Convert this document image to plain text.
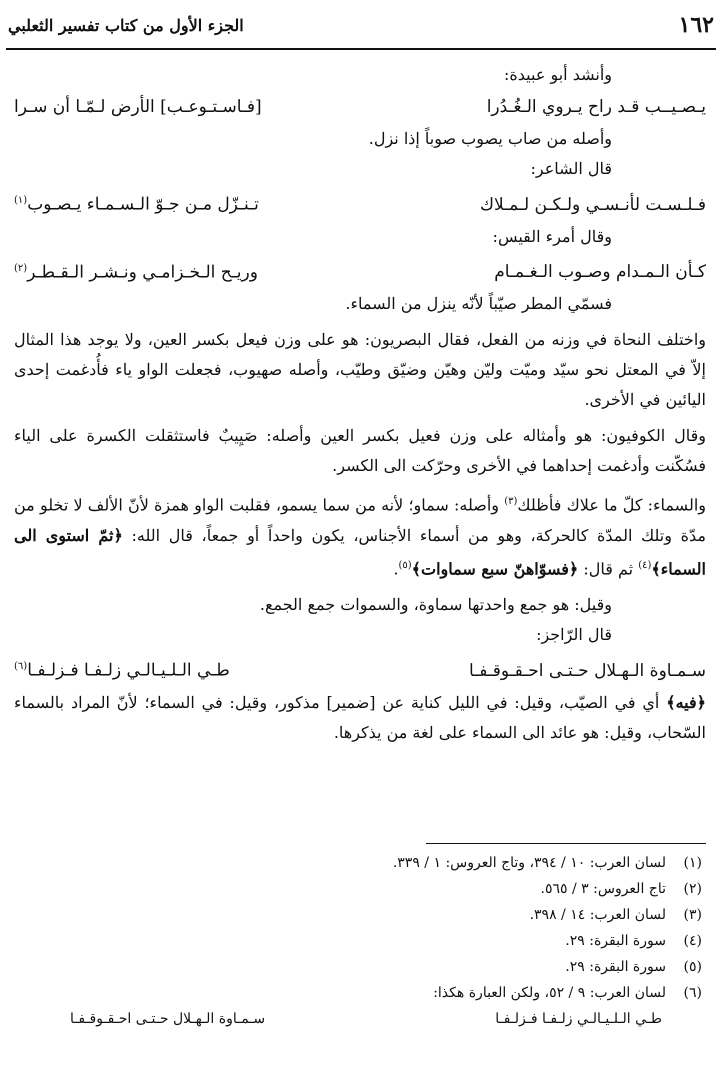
١٦٢
الجزء الأول من كتاب تفسير الثعلبي

وأنشد أبو عبيدة:

يـصـيــب قـد راح يـروي الـغُـدُرا
[فـاسـتـوعـب] الأرض لـمّـا أن سـرا

وأصله من صاب يصوب صوباً إذا نزل.

قال الشاعر:

فـلـسـت لأنـسـي ولـكـن لـمـلاك
تـنـزّل مـن جـوّ الـسـمـاء يـصـوب$^{(١)}$

وقال أمرء القيس:

كـأن الـمـدام وصـوب الـغـمـام
وريـح الـخـزامـي ونـشـر الـقـطـر$^{(٢)}$

فسمّي المطر صيّباً لأنّه ينزل من السماء.

واختلف النحاة في وزنه من الفعل، فقال البصريون: هو على وزن فيعل بكسر العين، ولا يوجد هذا المثال إلاّ في المعتل نحو سيّد وميّت وليّن وهيّن وضيّق وطيّب، وأصله صهيوب، فجعلت الواو ياء فأُدغمت إحدى اليائين في الأخرى.

وقال الكوفيون: هو وأمثاله على وزن فعيل بكسر العين وأصله: صَيِيبٌ فاستثقلت الكسرة على الياء فسُكّنت وأدغمت إحداهما في الأخرى وحرّكت الى الكسر.

والسماء: كلّ ما علاك فأظلك$^{(٣)}$ وأصله: سماو؛ لأنه من سما يسمو، فقلبت الواو همزة لأنّ الألف لا تخلو من مدّة وتلك المدّة كالحركة، وهو من أسماء الأجناس، يكون واحداً أو جمعاً، قال الله: ﴿ثمّ استوى الى السماء﴾$^{(٤)}$ ثم قال: ﴿فسوّاهنّ سبع سماوات﴾$^{(٥)}$.

وقيل: هو جمع واحدتها سماوة، والسموات جمع الجمع.

قال الرّاجز:

سـمـاوة الـهـلال حـتـى احـقـوقـفـا
طـي الـلـيـالـي زلـفـا فـزلـفـا$^{(٦)}$

﴿فيه﴾ أي في الصيّب، وقيل: في الليل كناية عن [ضمير] مذكور، وقيل: في السماء؛ لأنّ المراد بالسماء السّحاب، وقيل: هو عائد الى السماء على لغة من يذكرها.

(١)
لسان العرب: ١٠ / ٣٩٤، وتاج العروس: ١ / ٣٣٩.
(٢)
تاج العروس: ٣ / ٥٦٥.
(٣)
لسان العرب: ١٤ / ٣٩٨.
(٤)
سورة البقرة: ٢٩.
(٥)
سورة البقرة: ٢٩.
(٦)
لسان العرب: ٩ / ٥٢، ولكن العبارة هكذا:
طـي الـلـيـالـي زلـفـا فـزلـفـا
سـمـاوة الـهـلال حـتـى احـقـوقـفـا
